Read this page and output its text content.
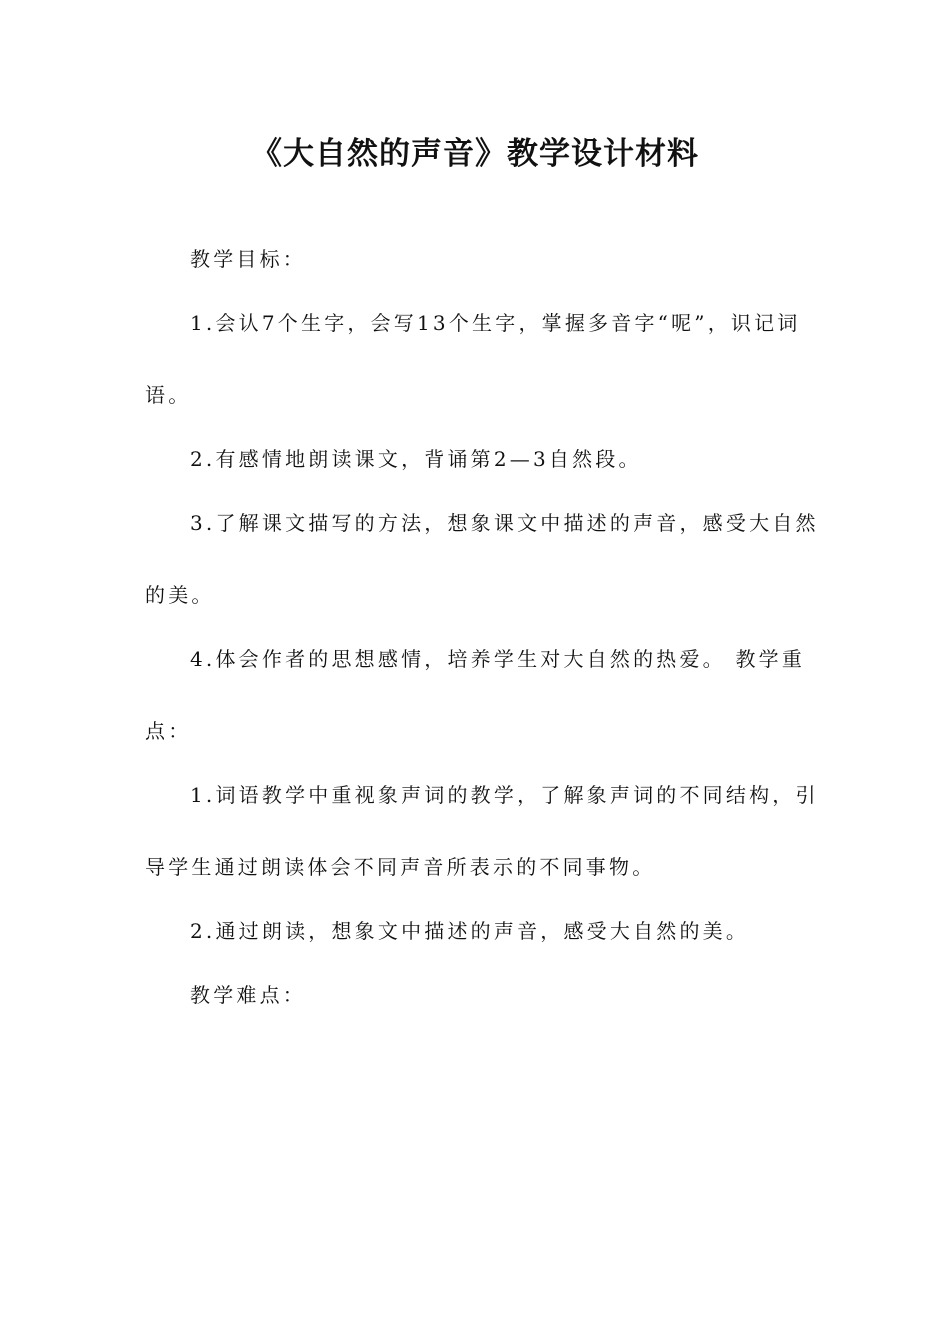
《大自然的声音》教学设计材料
教学目标：
1.会认7个生字，会写13个生字，掌握多音字“呢”，识记词
语。
2.有感情地朗读课文，背诵第2—3自然段。
3.了解课文描写的方法，想象课文中描述的声音，感受大自然
的美。
4.体会作者的思想感情，培养学生对大自然的热爱。 教学重
点：
1.词语教学中重视象声词的教学，了解象声词的不同结构，引
导学生通过朗读体会不同声音所表示的不同事物。
2.通过朗读，想象文中描述的声音，感受大自然的美。
教学难点：
